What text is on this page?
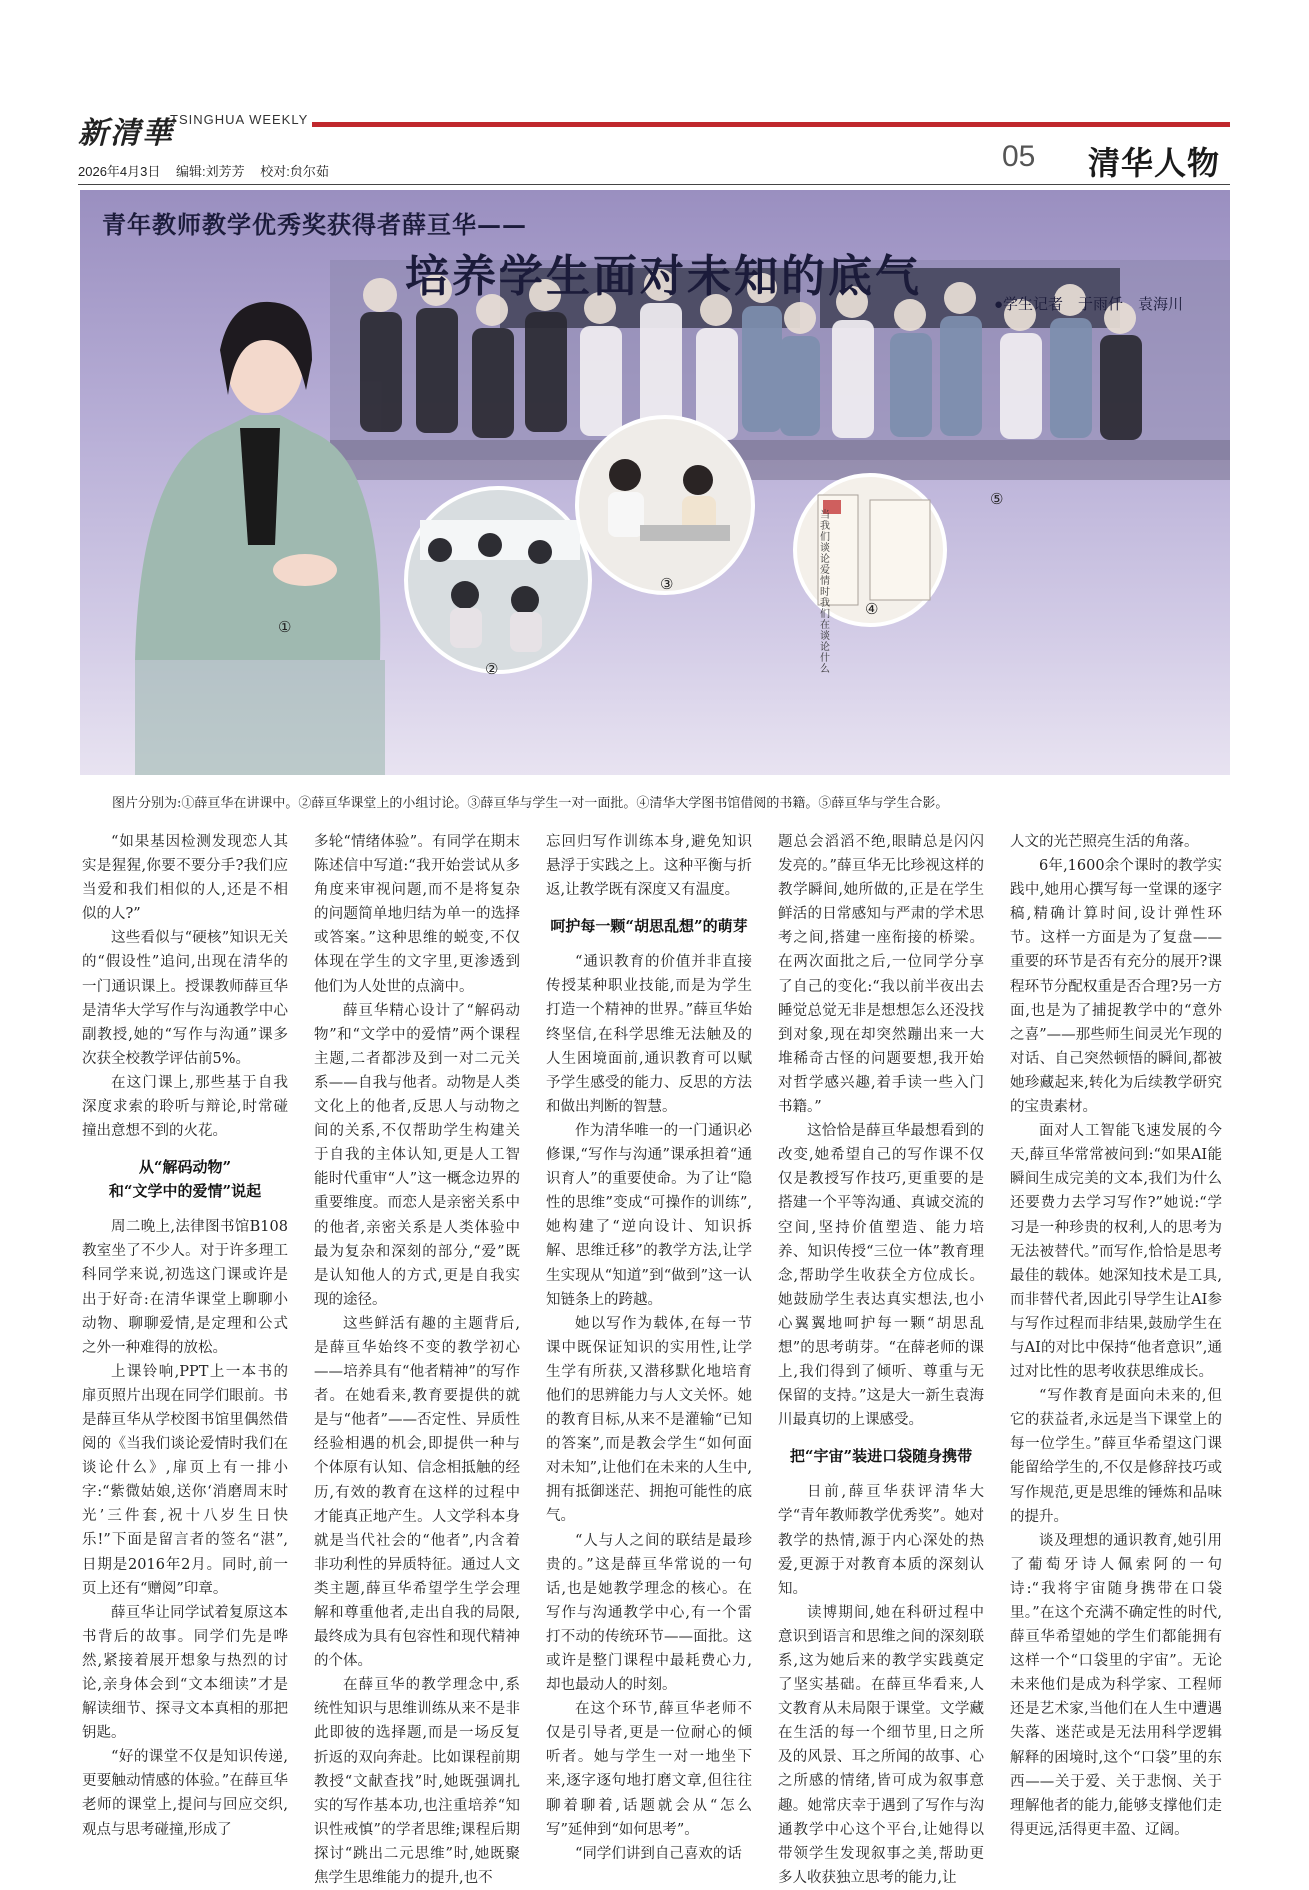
新清華
TSINGHUA WEEKLY
2026年4月3日 编辑:刘芳芳 校对:贠尔茹	05 清华人物
①
②
③
④
⑤
当我们谈论爱情时我们在谈论什么
青年教师教学优秀奖获得者薛亘华——
培养学生面对未知的底气
●学生记者　于雨仟　袁海川
图片分别为:①薛亘华在讲课中。②薛亘华课堂上的小组讨论。③薛亘华与学生一对一面批。④清华大学图书馆借阅的书籍。⑤薛亘华与学生合影。

“如果基因检测发现恋人其实是猩猩,你要不要分手?我们应当爱和我们相似的人,还是不相似的人?”

这些看似与“硬核”知识无关的“假设性”追问,出现在清华的一门通识课上。授课教师薛亘华是清华大学写作与沟通教学中心副教授,她的“写作与沟通”课多次获全校教学评估前5%。

在这门课上,那些基于自我深度求索的聆听与辩论,时常碰撞出意想不到的火花。

从“解码动物”
和“文学中的爱情”说起

周二晚上,法律图书馆B108教室坐了不少人。对于许多理工科同学来说,初选这门课或许是出于好奇:在清华课堂上聊聊小动物、聊聊爱情,是定理和公式之外一种难得的放松。

上课铃响,PPT上一本书的扉页照片出现在同学们眼前。书是薛亘华从学校图书馆里偶然借阅的《当我们谈论爱情时我们在谈论什么》,扉页上有一排小字:“紫微姑娘,送你‘消磨周末时光’三件套,祝十八岁生日快乐!”下面是留言者的签名“湛”,日期是2016年2月。同时,前一页上还有“赠阅”印章。

薛亘华让同学试着复原这本书背后的故事。同学们先是哗然,紧接着展开想象与热烈的讨论,亲身体会到“文本细读”才是解读细节、探寻文本真相的那把钥匙。

“好的课堂不仅是知识传递,更要触动情感的体验。”在薛亘华老师的课堂上,提问与回应交织,观点与思考碰撞,形成了

多轮“情绪体验”。有同学在期末陈述信中写道:“我开始尝试从多角度来审视问题,而不是将复杂的问题简单地归结为单一的选择或答案。”这种思维的蜕变,不仅体现在学生的文字里,更渗透到他们为人处世的点滴中。

薛亘华精心设计了“解码动物”和“文学中的爱情”两个课程主题,二者都涉及到一对二元关系——自我与他者。动物是人类文化上的他者,反思人与动物之间的关系,不仅帮助学生构建关于自我的主体认知,更是人工智能时代重审“人”这一概念边界的重要维度。而恋人是亲密关系中的他者,亲密关系是人类体验中最为复杂和深刻的部分,“爱”既是认知他人的方式,更是自我实现的途径。

这些鲜活有趣的主题背后,是薛亘华始终不变的教学初心——培养具有“他者精神”的写作者。在她看来,教育要提供的就是与“他者”——否定性、异质性经验相遇的机会,即提供一种与个体原有认知、信念相抵触的经历,有效的教育在这样的过程中才能真正地产生。人文学科本身就是当代社会的“他者”,内含着非功利性的异质特征。通过人文类主题,薛亘华希望学生学会理解和尊重他者,走出自我的局限,最终成为具有包容性和现代精神的个体。

在薛亘华的教学理念中,系统性知识与思维训练从来不是非此即彼的选择题,而是一场反复折返的双向奔赴。比如课程前期教授“文献查找”时,她既强调扎实的写作基本功,也注重培养“知识性戒慎”的学者思维;课程后期探讨“跳出二元思维”时,她既聚焦学生思维能力的提升,也不

忘回归写作训练本身,避免知识悬浮于实践之上。这种平衡与折返,让教学既有深度又有温度。

呵护每一颗“胡思乱想”的萌芽

“通识教育的价值并非直接传授某种职业技能,而是为学生打造一个精神的世界。”薛亘华始终坚信,在科学思维无法触及的人生困境面前,通识教育可以赋予学生感受的能力、反思的方法和做出判断的智慧。

作为清华唯一的一门通识必修课,“写作与沟通”课承担着“通识育人”的重要使命。为了让“隐性的思维”变成“可操作的训练”,她构建了“逆向设计、知识拆解、思维迁移”的教学方法,让学生实现从“知道”到“做到”这一认知链条上的跨越。

她以写作为载体,在每一节课中既保证知识的实用性,让学生学有所获,又潜移默化地培育他们的思辨能力与人文关怀。她的教育目标,从来不是灌输“已知的答案”,而是教会学生“如何面对未知”,让他们在未来的人生中,拥有抵御迷茫、拥抱可能性的底气。

“人与人之间的联结是最珍贵的。”这是薛亘华常说的一句话,也是她教学理念的核心。在写作与沟通教学中心,有一个雷打不动的传统环节——面批。这或许是整门课程中最耗费心力,却也最动人的时刻。

在这个环节,薛亘华老师不仅是引导者,更是一位耐心的倾听者。她与学生一对一地坐下来,逐字逐句地打磨文章,但往往聊着聊着,话题就会从“怎么写”延伸到“如何思考”。

“同学们讲到自己喜欢的话

题总会滔滔不绝,眼睛总是闪闪发亮的。”薛亘华无比珍视这样的教学瞬间,她所做的,正是在学生鲜活的日常感知与严肃的学术思考之间,搭建一座衔接的桥梁。在两次面批之后,一位同学分享了自己的变化:“我以前半夜出去睡觉总觉无非是想想怎么还没找到对象,现在却突然蹦出来一大堆稀奇古怪的问题要想,我开始对哲学感兴趣,着手读一些入门书籍。”

这恰恰是薛亘华最想看到的改变,她希望自己的写作课不仅仅是教授写作技巧,更重要的是搭建一个平等沟通、真诚交流的空间,坚持价值塑造、能力培养、知识传授“三位一体”教育理念,帮助学生收获全方位成长。她鼓励学生表达真实想法,也小心翼翼地呵护每一颗“胡思乱想”的思考萌芽。“在薛老师的课上,我们得到了倾听、尊重与无保留的支持。”这是大一新生袁海川最真切的上课感受。

把“宇宙”装进口袋随身携带

日前,薛亘华获评清华大学“青年教师教学优秀奖”。她对教学的热情,源于内心深处的热爱,更源于对教育本质的深刻认知。

读博期间,她在科研过程中意识到语言和思维之间的深刻联系,这为她后来的教学实践奠定了坚实基础。在薛亘华看来,人文教育从未局限于课堂。文学藏在生活的每一个细节里,日之所及的风景、耳之所闻的故事、心之所感的情绪,皆可成为叙事意趣。她常庆幸于遇到了写作与沟通教学中心这个平台,让她得以带领学生发现叙事之美,帮助更多人收获独立思考的能力,让

人文的光芒照亮生活的角落。

6年,1600余个课时的教学实践中,她用心撰写每一堂课的逐字稿,精确计算时间,设计弹性环节。这样一方面是为了复盘——重要的环节是否有充分的展开?课程环节分配权重是否合理?另一方面,也是为了捕捉教学中的“意外之喜”——那些师生间灵光乍现的对话、自己突然顿悟的瞬间,都被她珍藏起来,转化为后续教学研究的宝贵素材。

面对人工智能飞速发展的今天,薛亘华常常被问到:“如果AI能瞬间生成完美的文本,我们为什么还要费力去学习写作?”她说:“学习是一种珍贵的权利,人的思考为无法被替代。”而写作,恰恰是思考最佳的载体。她深知技术是工具,而非替代者,因此引导学生让AI参与写作过程而非结果,鼓励学生在与AI的对比中保持“他者意识”,通过对比性的思考收获思维成长。

“写作教育是面向未来的,但它的获益者,永远是当下课堂上的每一位学生。”薛亘华希望这门课能留给学生的,不仅是修辞技巧或写作规范,更是思维的锤炼和品味的提升。

谈及理想的通识教育,她引用了葡萄牙诗人佩索阿的一句诗:“我将宇宙随身携带在口袋里。”在这个充满不确定性的时代,薛亘华希望她的学生们都能拥有这样一个“口袋里的宇宙”。无论未来他们是成为科学家、工程师还是艺术家,当他们在人生中遭遇失落、迷茫或是无法用科学逻辑解释的困境时,这个“口袋”里的东西——关于爱、关于悲悯、关于理解他者的能力,能够支撑他们走得更远,活得更丰盈、辽阔。
